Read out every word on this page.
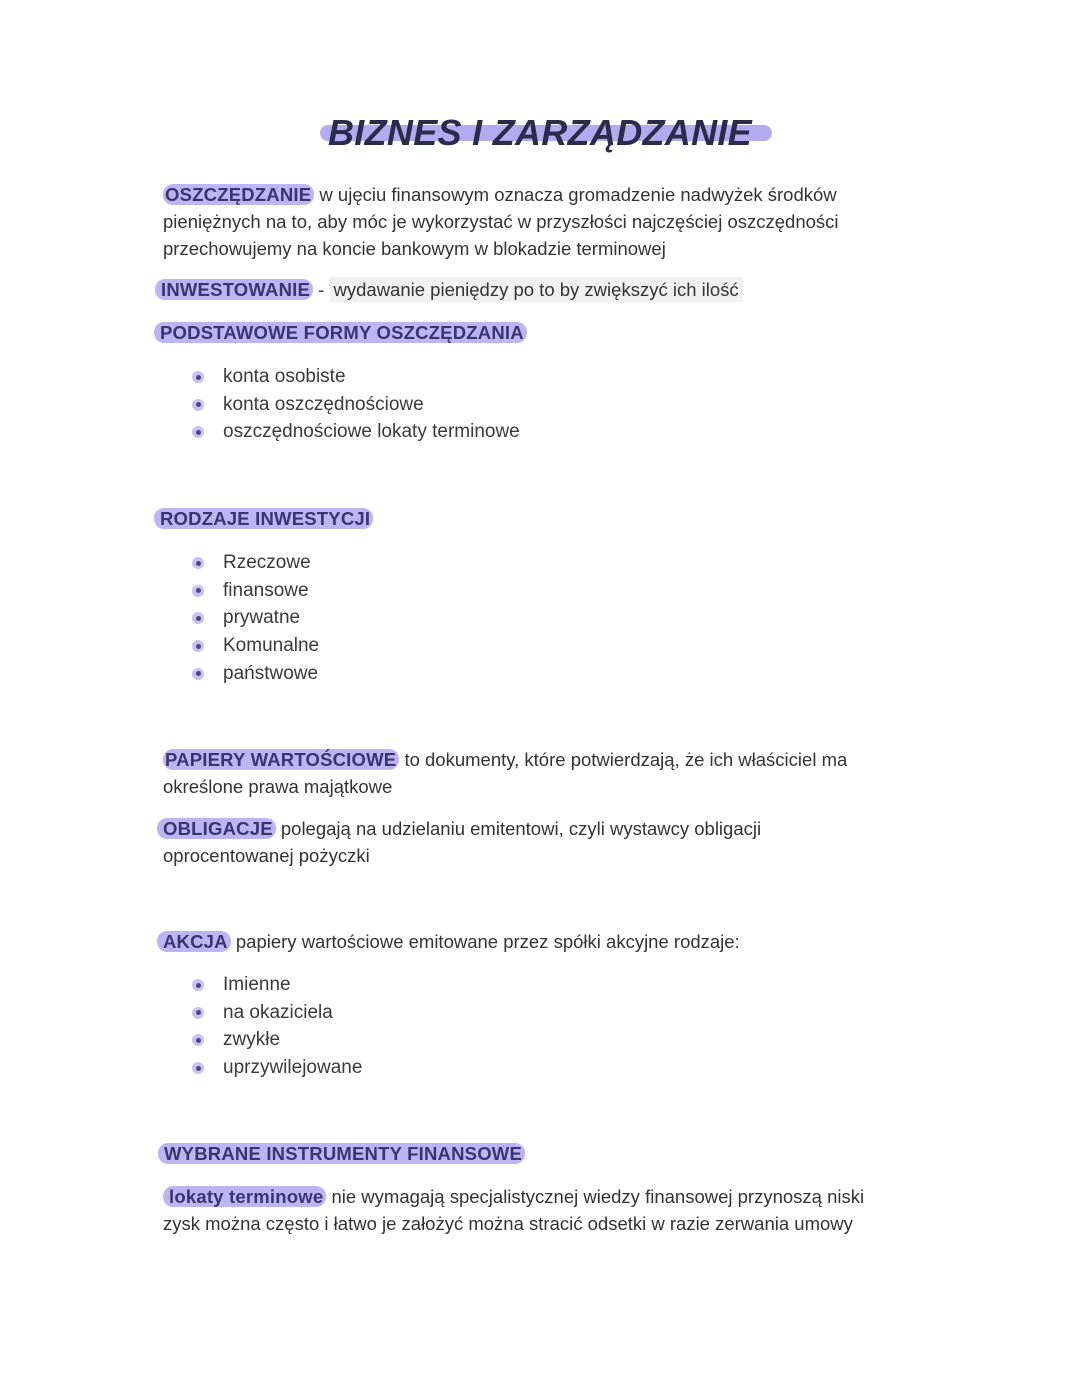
BIZNES I ZARZĄDZANIE
OSZCZĘDZANIE w ujęciu finansowym oznacza gromadzenie nadwyżek środków
pieniężnych na to, aby móc je wykorzystać w przyszłości najczęściej oszczędności
przechowujemy na koncie bankowym w blokadzie terminowej
INWESTOWANIE - wydawanie pieniędzy po to by zwiększyć ich ilość
PODSTAWOWE FORMY OSZCZĘDZANIA
konta osobiste
konta oszczędnościowe
oszczędnościowe lokaty terminowe
RODZAJE INWESTYCJI
Rzeczowe
finansowe
prywatne
Komunalne
państwowe
PAPIERY WARTOŚCIOWE to dokumenty, które potwierdzają, że ich właściciel ma
określone prawa majątkowe
OBLIGACJE polegają na udzielaniu emitentowi, czyli wystawcy obligacji
oprocentowanej pożyczki
AKCJA papiery wartościowe emitowane przez spółki akcyjne rodzaje:
Imienne
na okaziciela
zwykłe
uprzywilejowane
WYBRANE INSTRUMENTY FINANSOWE
lokaty terminowe nie wymagają specjalistycznej wiedzy finansowej przynoszą niski
zysk można często i łatwo je założyć można stracić odsetki w razie zerwania umowy
